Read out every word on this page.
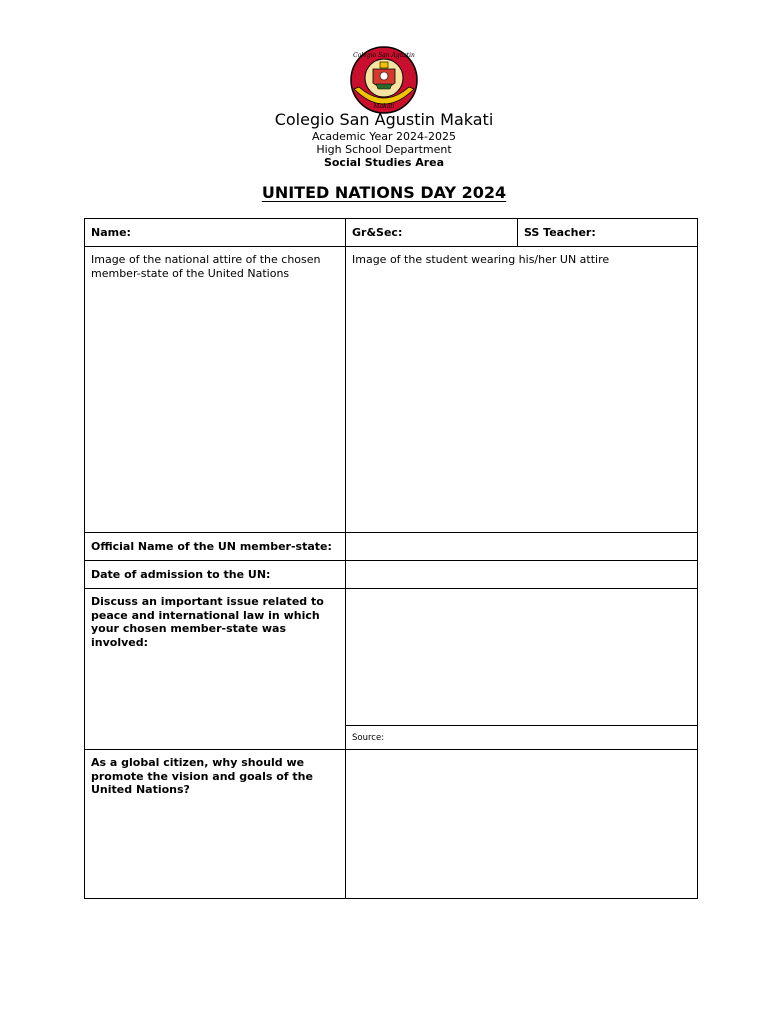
Colegio San Agustin
Makati
Colegio San Agustin Makati
Academic Year 2024-2025
High School Department
Social Studies Area
UNITED NATIONS DAY 2024
Name:	Gr&Sec:	SS Teacher:
Image of the national attire of the chosen member-state of the United Nations
Image of the student wearing his/her UN attire
Official Name of the UN member-state:
Date of admission to the UN:
Discuss an important issue related to peace and international law in which your chosen member-state was involved:
Source:
As a global citizen, why should we promote the vision and goals of the United Nations?
